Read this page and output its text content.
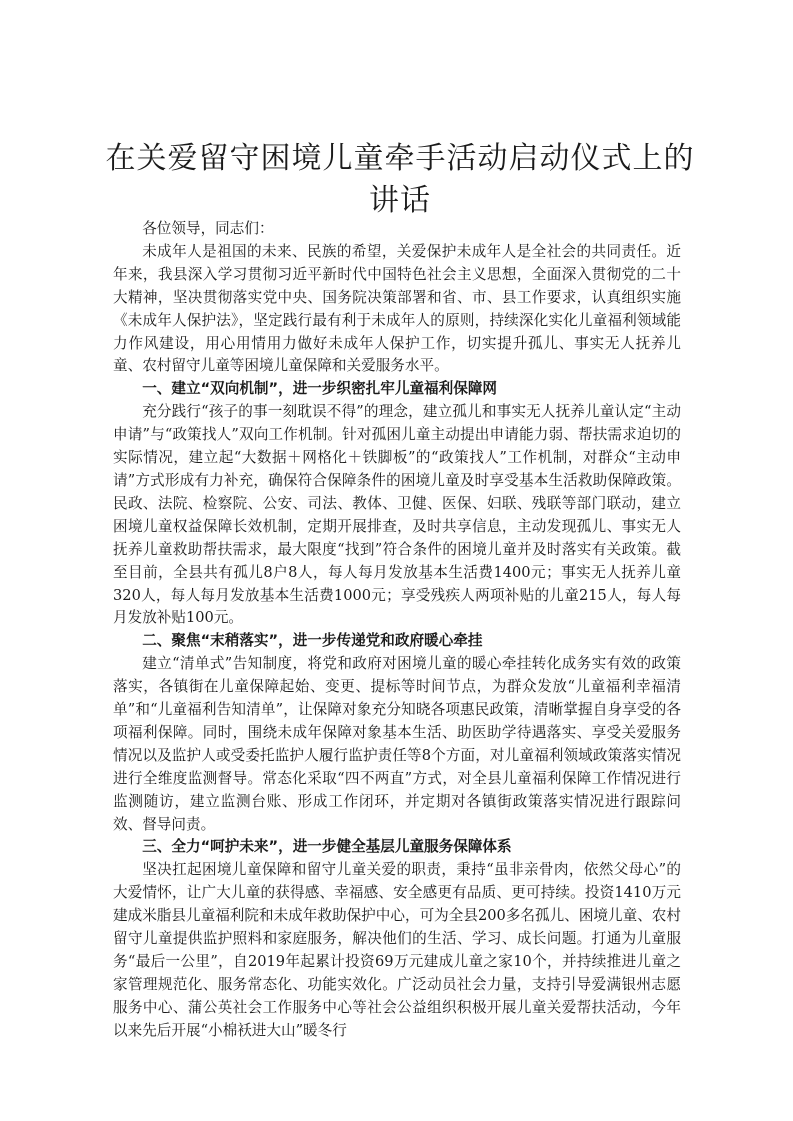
在关爱留守困境儿童牵手活动启动仪式上的讲话

各位领导，同志们：

未成年人是祖国的未来、民族的希望，关爱保护未成年人是全社会的共同责任。近年来，我县深入学习贯彻习近平新时代中国特色社会主义思想，全面深入贯彻党的二十大精神，坚决贯彻落实党中央、国务院决策部署和省、市、县工作要求，认真组织实施《未成年人保护法》，坚定践行最有利于未成年人的原则，持续深化实化儿童福利领域能力作风建设，用心用情用力做好未成年人保护工作，切实提升孤儿、事实无人抚养儿童、农村留守儿童等困境儿童保障和关爱服务水平。

一、建立“双向机制”，进一步织密扎牢儿童福利保障网

充分践行“孩子的事一刻耽误不得”的理念，建立孤儿和事实无人抚养儿童认定“主动申请”与“政策找人”双向工作机制。针对孤困儿童主动提出申请能力弱、帮扶需求迫切的实际情况，建立起“大数据＋网格化＋铁脚板”的“政策找人”工作机制，对群众“主动申请”方式形成有力补充，确保符合保障条件的困境儿童及时享受基本生活救助保障政策。民政、法院、检察院、公安、司法、教体、卫健、医保、妇联、残联等部门联动，建立困境儿童权益保障长效机制，定期开展排查，及时共享信息，主动发现孤儿、事实无人抚养儿童救助帮扶需求，最大限度“找到”符合条件的困境儿童并及时落实有关政策。截至目前，全县共有孤儿8户8人，每人每月发放基本生活费1400元；事实无人抚养儿童320人，每人每月发放基本生活费1000元；享受残疾人两项补贴的儿童215人，每人每月发放补贴100元。

二、聚焦“末稍落实”，进一步传递党和政府暖心牵挂

建立“清单式”告知制度，将党和政府对困境儿童的暖心牵挂转化成务实有效的政策落实，各镇街在儿童保障起始、变更、提标等时间节点，为群众发放“儿童福利幸福清单”和“儿童福利告知清单”，让保障对象充分知晓各项惠民政策，清晰掌握自身享受的各项福利保障。同时，围绕未成年保障对象基本生活、助医助学待遇落实、享受关爱服务情况以及监护人或受委托监护人履行监护责任等8个方面，对儿童福利领域政策落实情况进行全维度监测督导。常态化采取“四不两直”方式，对全县儿童福利保障工作情况进行监测随访，建立监测台账、形成工作闭环，并定期对各镇街政策落实情况进行跟踪问效、督导问责。

三、全力“呵护未来”，进一步健全基层儿童服务保障体系

坚决扛起困境儿童保障和留守儿童关爱的职责，秉持“虽非亲骨肉，依然父母心”的大爱情怀，让广大儿童的获得感、幸福感、安全感更有品质、更可持续。投资1410万元建成米脂县儿童福利院和未成年救助保护中心，可为全县200多名孤儿、困境儿童、农村留守儿童提供监护照料和家庭服务，解决他们的生活、学习、成长问题。打通为儿童服务“最后一公里”，自2019年起累计投资69万元建成儿童之家10个，并持续推进儿童之家管理规范化、服务常态化、功能实效化。广泛动员社会力量，支持引导爱满银州志愿服务中心、蒲公英社会工作服务中心等社会公益组织积极开展儿童关爱帮扶活动，今年以来先后开展“小棉袄进大山”暖冬行
